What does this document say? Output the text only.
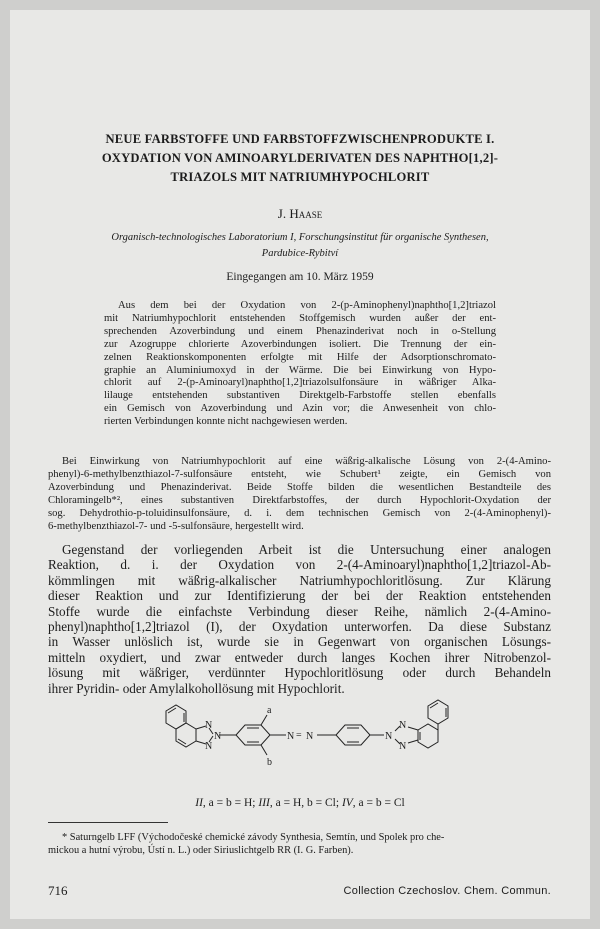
NEUE FARBSTOFFE UND FARBSTOFFZWISCHENPRODUKTE I.
OXYDATION VON AMINOARYLDERIVATEN DES NAPHTHO[1,2]-
TRIAZOLS MIT NATRIUMHYPOCHLORIT
J. Haase
Organisch-technologisches Laboratorium I, Forschungsinstitut für organische Synthesen,
Pardubice-Rybitví
Eingegangen am 10. März 1959
Aus dem bei der Oxydation von 2-(p-Aminophenyl)naphtho[1,2]triazol
mit Natriumhypochlorit entstehenden Stoffgemisch wurden außer der ent-
sprechenden Azoverbindung und einem Phenazinderivat noch in o-Stellung
zur Azogruppe chlorierte Azoverbindungen isoliert. Die Trennung der ein-
zelnen Reaktionskomponenten erfolgte mit Hilfe der Adsorptionschromato-
graphie an Aluminiumoxyd in der Wärme. Die bei Einwirkung von Hypo-
chlorit auf 2-(p-Aminoaryl)naphtho[1,2]triazolsulfonsäure in wäßriger Alka-
lilauge entstehenden substantiven Direktgelb-Farbstoffe stellen ebenfalls
ein Gemisch von Azoverbindung und Azin vor; die Anwesenheit von chlo-
rierten Verbindungen konnte nicht nachgewiesen werden.
Bei Einwirkung von Natriumhypochlorit auf eine wäßrig-alkalische Lösung von 2-(4-Amino-
phenyl)-6-methylbenzthiazol-7-sulfonsäure entsteht, wie Schubert¹ zeigte, ein Gemisch von
Azoverbindung und Phenazinderivat. Beide Stoffe bilden die wesentlichen Bestandteile des
Chloramingelb*², eines substantiven Direktfarbstoffes, der durch Hypochlorit-Oxydation der
sog. Dehydrothio-p-toluidinsulfonsäure, d. i. dem technischen Gemisch von 2-(4-Aminophenyl)-
6-methylbenzthiazol-7- und -5-sulfonsäure, hergestellt wird.
Gegenstand der vorliegenden Arbeit ist die Untersuchung einer analogen
Reaktion, d. i. der Oxydation von 2-(4-Aminoaryl)naphtho[1,2]triazol-Ab-
kömmlingen mit wäßrig-alkalischer Natriumhypochloritlösung. Zur Klärung
dieser Reaktion und zur Identifizierung der bei der Reaktion entstehenden
Stoffe wurde die einfachste Verbindung dieser Reihe, nämlich 2-(4-Amino-
phenyl)naphtho[1,2]triazol (I), der Oxydation unterworfen. Da diese Substanz
in Wasser unlöslich ist, wurde sie in Gegenwart von organischen Lösungs-
mitteln oxydiert, und zwar entweder durch langes Kochen ihrer Nitrobenzol-
lösung mit wäßriger, verdünnter Hypochloritlösung oder durch Behandeln
ihrer Pyridin- oder Amylalkohollösung mit Hypochlorit.
N
N
N
N = N	N
N
N
a
b
II, a = b = H; III, a = H, b = Cl; IV, a = b = Cl
* Saturngelb LFF (Východočeské chemické závody Synthesia, Semtín, und Spolek pro che-
mickou a hutní výrobu, Ústí n. L.) oder Siriuslichtgelb RR (I. G. Farben).
716	Collection Czechoslov. Chem. Commun.
